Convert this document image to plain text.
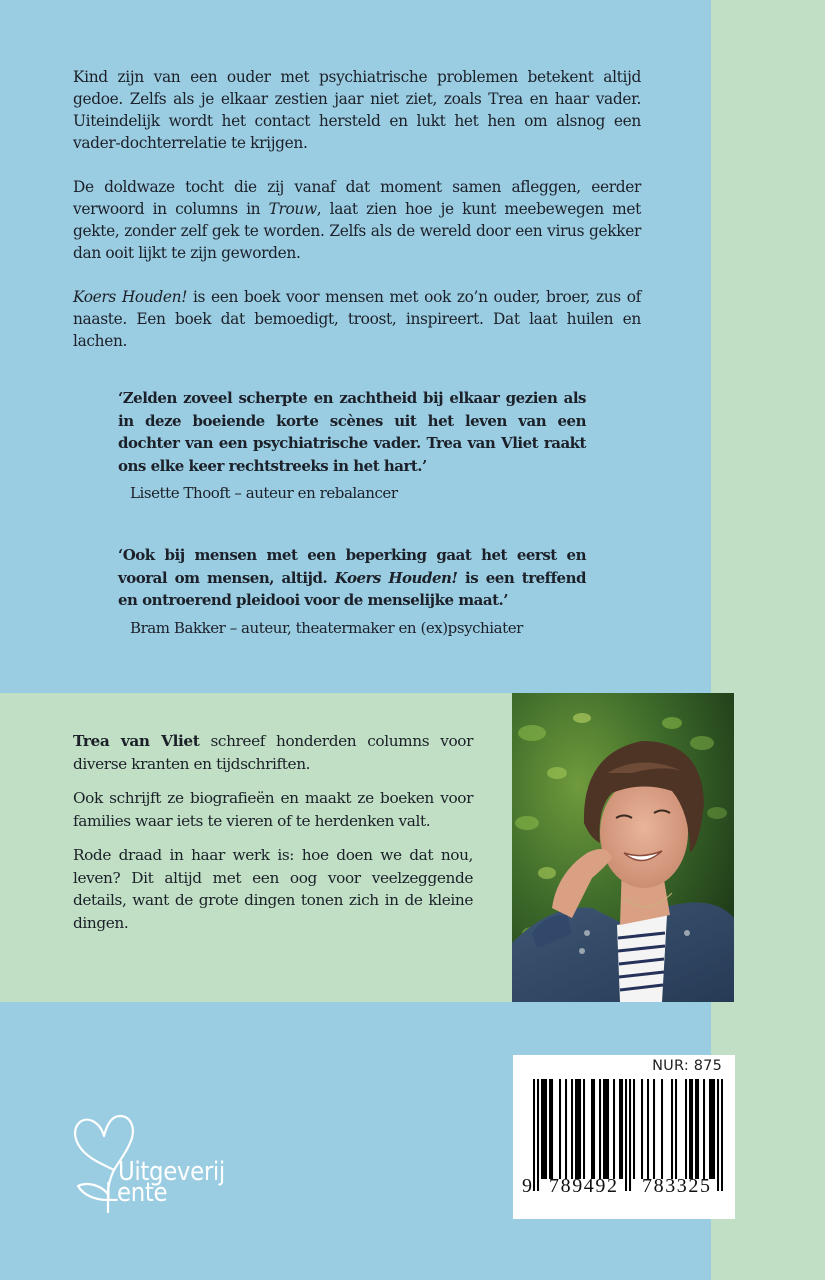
Kind zijn van een ouder met psychiatrische problemen betekent altijd gedoe. Zelfs als je elkaar zestien jaar niet ziet, zoals Trea en haar vader. Uiteindelijk wordt het contact hersteld en lukt het hen om alsnog een vader-dochterrelatie te krijgen.

De doldwaze tocht die zij vanaf dat moment samen afleggen, eerder verwoord in columns in Trouw, laat zien hoe je kunt meebewegen met gekte, zonder zelf gek te worden. Zelfs als de wereld door een virus gekker dan ooit lijkt te zijn geworden.

Koers Houden! is een boek voor mensen met ook zo’n ouder, broer, zus of naaste. Een boek dat bemoedigt, troost, inspireert. Dat laat huilen en lachen.

‘Zelden zoveel scherpte en zachtheid bij elkaar gezien als in deze boeiende korte scènes uit het leven van een dochter van een psychiatrische vader. Trea van Vliet raakt ons elke keer rechtstreeks in het hart.’

Lisette Thooft – auteur en rebalancer

‘Ook bij mensen met een beperking gaat het eerst en vooral om mensen, altijd. Koers Houden! is een treffend en ontroerend pleidooi voor de menselijke maat.’

Bram Bakker – auteur, theatermaker en (ex)psychiater

Trea van Vliet schreef honderden columns voor diverse kranten en tijdschriften.

Ook schrijft ze biografieën en maakt ze boeken voor families waar iets te vieren of te herdenken valt.

Rode draad in haar werk is: hoe doen we dat nou, leven? Dit altijd met een oog voor veelzeggende details, want de grote dingen tonen zich in de kleine dingen.

NUR: 875
9 789492 783325
Uitgeverij
Lente
